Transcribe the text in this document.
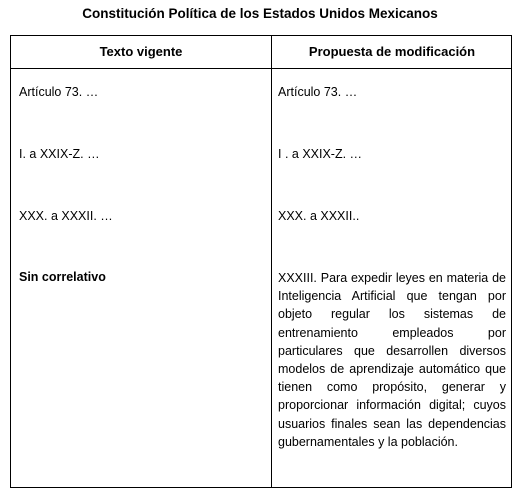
Constitución Política de los Estados Unidos Mexicanos
Texto vigente	Propuesta de modificación
Artículo 73. …	Artículo 73. …
I. a XXIX-Z. …	I . a XXIX-Z. …
XXX. a XXXII. …	XXX. a XXXII..
Sin correlativo	XXXIII. Para expedir leyes en materia de Inteligencia Artificial que tengan por objeto regular los sistemas de entrenamiento empleados por particulares que desarrollen diversos modelos de aprendizaje automático que tienen como propósito, generar y proporcionar información digital; cuyos usuarios finales sean las dependencias gubernamentales y la población.
